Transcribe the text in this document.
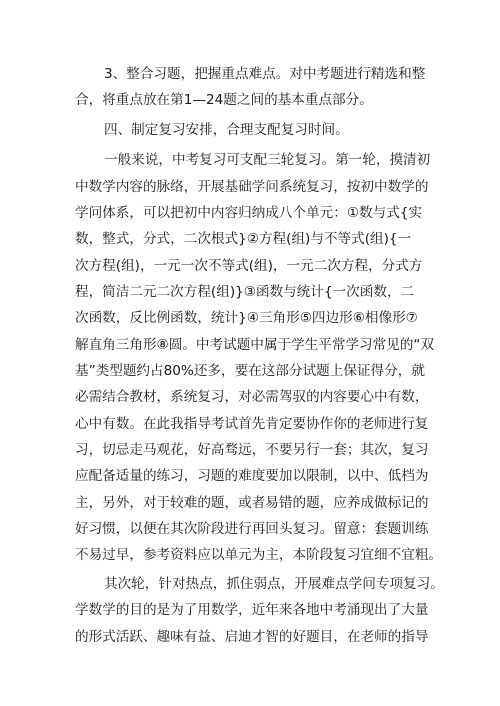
3、整合习题，把握重点难点。对中考题进行精选和整
合，将重点放在第1—24题之间的基本重点部分。
四、制定复习安排，合理支配复习时间。
一般来说，中考复习可支配三轮复习。第一轮，摸清初
中数学内容的脉络，开展基础学问系统复习，按初中数学的
学问体系，可以把初中内容归纳成八个单元：①数与式{实
数，整式，分式，二次根式}②方程(组)与不等式(组){一
次方程(组)，一元一次不等式(组)，一元二次方程，分式方
程，简洁二元二次方程(组)}③函数与统计{一次函数，二
次函数，反比例函数，统计}④三角形⑤四边形⑥相像形⑦
解直角三角形⑧圆。中考试题中属于学生平常学习常见的“双
基”类型题约占80%还多，要在这部分试题上保证得分，就
必需结合教材，系统复习，对必需驾驭的内容要心中有数，
心中有数。在此我指导考试首先肯定要协作你的老师进行复
习，切忌走马观花，好高骛远，不要另行一套；其次，复习
应配备适量的练习，习题的难度要加以限制，以中、低档为
主，另外，对于较难的题，或者易错的题，应养成做标记的
好习惯，以便在其次阶段进行再回头复习。留意：套题训练
不易过早，参考资料应以单元为主，本阶段复习宜细不宜粗。
其次轮，针对热点，抓住弱点，开展难点学问专项复习。
学数学的目的是为了用数学，近年来各地中考涌现出了大量
的形式活跃、趣味有益、启迪才智的好题目，在老师的指导
